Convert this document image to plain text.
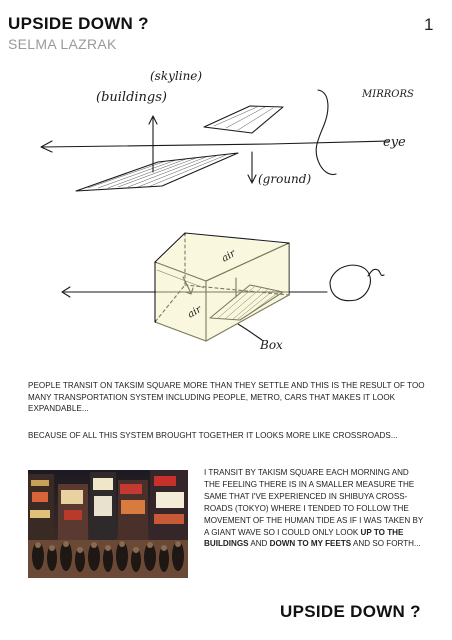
UPSIDE DOWN ?
SELMA LAZRAK
1
(skyline)
(buildings)	MIRRORS
eye
(ground)
air
air
Box

PEOPLE TRANSIT ON TAKSIM SQUARE MORE THAN THEY SETTLE AND THIS IS THE RESULT OF TOO MANY TRANSPORTATION SYSTEM INCLUDING PEOPLE, METRO, CARS THAT MAKES IT LOOK EXPANDABLE...

BECAUSE OF ALL THIS SYSTEM BROUGHT TOGETHER IT LOOKS MORE LIKE CROSSROADS...

I TRANSIT BY TAKISM SQUARE EACH MORNING AND THE FEELING THERE IS IN A SMALLER MEASURE THE SAME THAT I'VE EXPERIENCED IN SHIBUYA CROSS-ROADS (TOKYO) WHERE I TENDED TO FOLLOW THE MOVEMENT OF THE HUMAN TIDE AS IF I WAS TAKEN BY A GIANT WAVE SO I COULD ONLY LOOK UP TO THE BUILDINGS AND DOWN TO MY FEETS AND SO FORTH...

UPSIDE DOWN ?
